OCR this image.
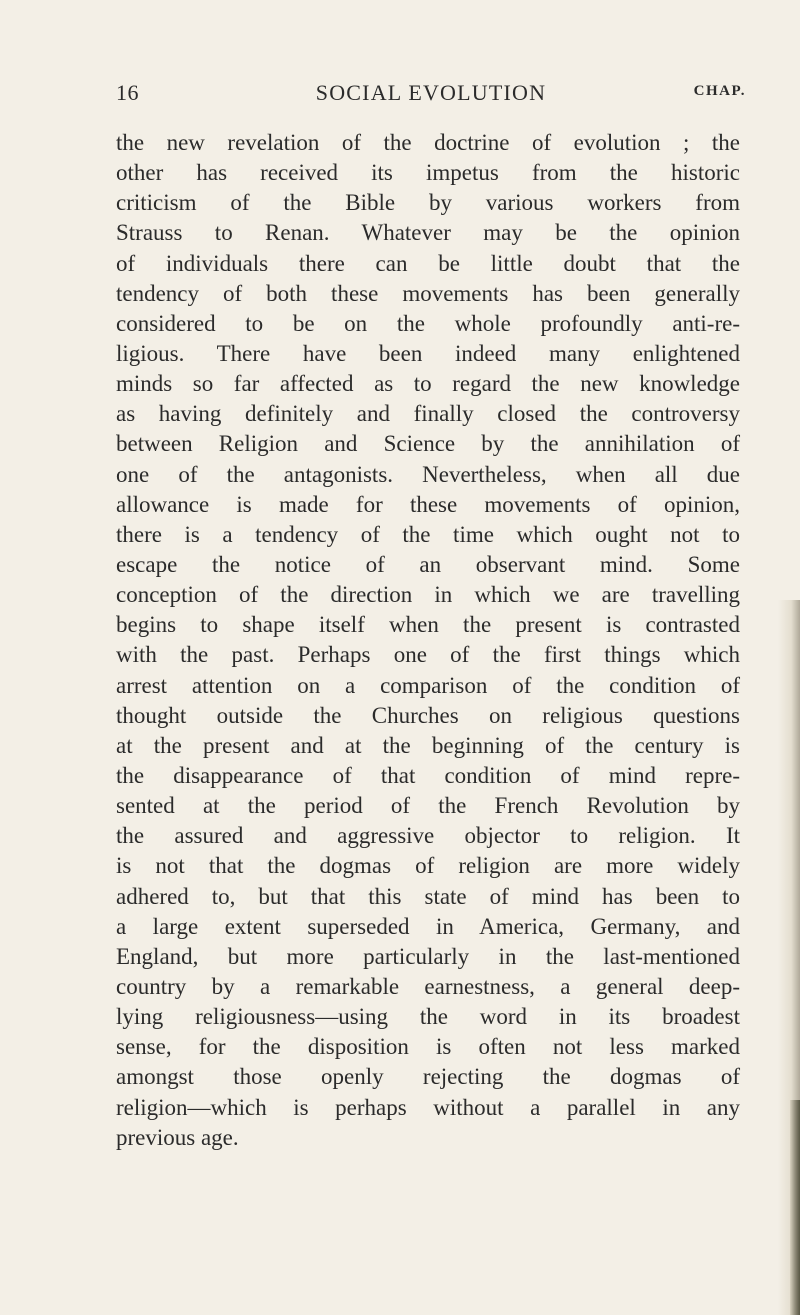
16	SOCIAL EVOLUTION	CHAP.

the new revelation of the doctrine of evolution ; the
other has received its impetus from the historic
criticism of the Bible by various workers from
Strauss to Renan. Whatever may be the opinion
of individuals there can be little doubt that the
tendency of both these movements has been generally
considered to be on the whole profoundly anti-re-
ligious. There have been indeed many enlightened
minds so far affected as to regard the new knowledge
as having definitely and finally closed the controversy
between Religion and Science by the annihilation of
one of the antagonists. Nevertheless, when all due
allowance is made for these movements of opinion,
there is a tendency of the time which ought not to
escape the notice of an observant mind. Some
conception of the direction in which we are travelling
begins to shape itself when the present is contrasted
with the past. Perhaps one of the first things which
arrest attention on a comparison of the condition of
thought outside the Churches on religious questions
at the present and at the beginning of the century is
the disappearance of that condition of mind repre-
sented at the period of the French Revolution by
the assured and aggressive objector to religion. It
is not that the dogmas of religion are more widely
adhered to, but that this state of mind has been to
a large extent superseded in America, Germany, and
England, but more particularly in the last-mentioned
country by a remarkable earnestness, a general deep-
lying religiousness—using the word in its broadest
sense, for the disposition is often not less marked
amongst those openly rejecting the dogmas of
religion—which is perhaps without a parallel in any
previous age.
